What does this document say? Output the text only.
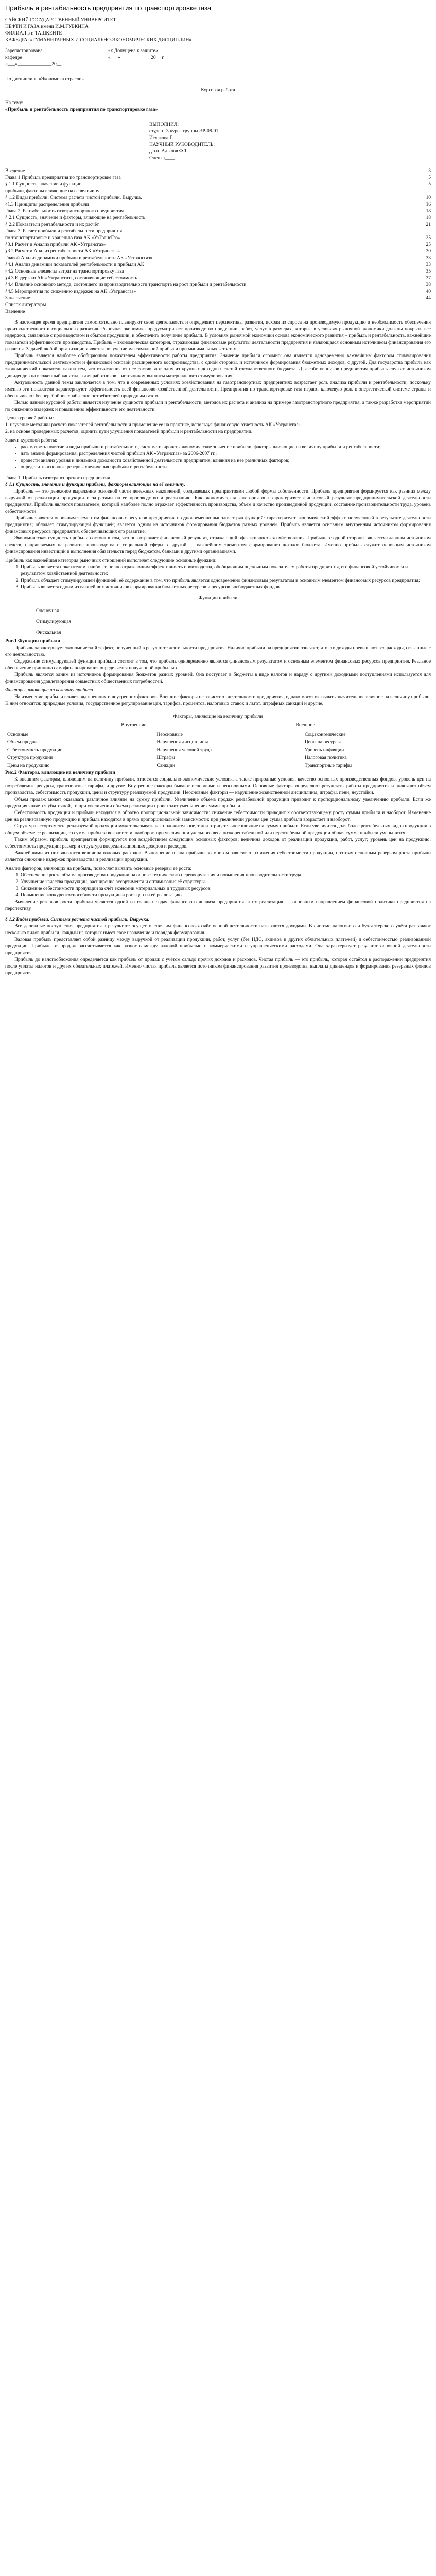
Прибыль и рентабельность предприятия по транспортировке газа

САЙСКИЙ ГОСУДАРСТВЕННЫЙ УНИВЕРСИТЕТ

НЕФТИ И ГАЗА имени И.М.ГУБКИНА

ФИЛИАЛ в г. ТАШКЕНТЕ

КАФЕДРА: «ГУМАНИТАРНЫХ И СОЦИАЛЬНО-ЭКОНОМИЧЕСКИХ ДИСЦИПЛИН»

Зарегистрирована	«к Допущена к защите»
кафедре	«___»____________ 20__ г.

«___»______________20__г.

По дисциплине «Экономика отрасли»

Курсовая работа

На тему:

«Прибыль и рентабельность предприятия по транспортировке газа»

ВЫПОЛНИЛ:

студент 3 курса группы ЭР-08-01

Исхакова Г.

НАУЧНЫЙ РУКОВОДИТЕЛЬ:

д.э.н. Адылов Ф.Т.

Оценка____

Введение	3
Глава 1.Прибыль предприятия по транспортировке газа	5
§ 1.1 Сущность, значение и функции	5
прибыли, факторы влияющие на её величину
§ 1.2 Виды прибыли. Система расчета чистой прибыли. Выручка.	10
§1.3 Принципы распределения прибыли	16
Глава 2. Рентабельность газотранспортного предприятия	18
§ 2.1 Сущность, значение и факторы, влияющие на рентабельность	18
§ 2.2 Показатели рентабельности и их расчёт	21
Глава 3. Расчет прибыли и рентабельности предприятия
по транспортировке и хранению газа АК «УзТрансГаз»	25
§3.1 Расчет и Анализ прибыли АК «Узтрансгаз»	25
§3.2 Расчет и Анализ рентабельности АК «Узтрансгаз»	30
Главой Анализ динамики прибыли и рентабельности АК «Узтрансгаз»	33
§4.1 Анализ динамики показателей рентабельности и прибыли АК	33
§4.2 Основные элементы затрат на транспортировку газа	35
§4.3 Издержки АК «Узтрансгаз», составляющие себестоимость	37
§4.4 Влияние основного метода, состоящего из производительности транспорта на рост прибыли и рентабельности	38
§4.5 Мероприятия по снижению издержек на АК «Узтрансгаз»	40
Заключение	44
Список литературы
Введение

В настоящее время предприятия самостоятельно планируют свою деятельность и определяют перспективы развития, исходя из спроса на производимую продукцию и необходимость обеспечения производственного и социального развития. Рыночная экономика предусматривает производство продукции, работ, услуг в размерах, которые в условиях рыночной экономики должны покрыть все издержки, связанные с производством и сбытом продукции, и обеспечить получение прибыли. В условиях рыночной экономики основа экономического развития – прибыль и рентабельность, важнейшие показатели эффективности производства. Прибыль – экономическая категория, отражающая финансовые результаты деятельности предприятия и являющаяся основным источником финансирования его развития. Задачей любой организации является получение максимальной прибыли при минимальных затратах.

Прибыль является наиболее обобщающим показателем эффективности работы предприятия. Значение прибыли огромно: она является одновременно важнейшим фактором стимулирования предпринимательской деятельности и финансовой основой расширенного воспроизводства, с одной стороны, и источником формирования бюджетных доходов, с другой. Для государства прибыль как экономический показатель важна тем, что отчисления от нее составляют одну из крупных доходных статей государственного бюджета. Для собственников предприятия прибыль служит источником дивидендов на вложенный капитал, а для работников – источником выплаты материального стимулирования.

Актуальность данной темы заключается в том, что в современных условиях хозяйствования на газотранспортных предприятиях возрастает роль анализа прибыли и рентабельности, поскольку именно эти показатели характеризуют эффективность всей финансово-хозяйственной деятельности. Предприятия по транспортировке газа играют ключевую роль в энергетической системе страны и обеспечивают бесперебойное снабжение потребителей природным газом.

Целью данной курсовой работы является изучение сущности прибыли и рентабельности, методов их расчета и анализа на примере газотранспортного предприятия, а также разработка мероприятий по снижению издержек и повышению эффективности его деятельности.

Цели курсовой работы:

1. изучение методики расчета показателей рентабельности и применение ее на практике, используя финансовую отчетность АК «Узтрансгаз»

2. на основе проведенных расчетов, оценить пути улучшения показателей прибыли и рентабельности на предприятии.

Задачи курсовой работы:

• рассмотреть понятие и виды прибыли и рентабельности, систематизировать экономическое значение прибыли, факторы влияющие на величину прибыли и рентабельности;
• дать анализ формирования, распределения чистой прибыли АК «Узтрансгаз» за 2006-2007 гг.;
• провести анализ уровня и динамики доходности хозяйственной деятельности предприятия, влияния на нее различных факторов;
• определить основные резервы увеличения прибыли и рентабельности.

Глава 1. Прибыль газотранспортного предприятия

§ 1.1 Сущность, значение и функции прибыли, факторы влияющие на её величину.

Прибыль — это денежное выражение основной части денежных накоплений, создаваемых предприятиями любой формы собственности. Прибыль предприятия формируется как разница между выручкой от реализации продукции и затратами на ее производство и реализацию. Как экономическая категория она характеризует финансовый результат предпринимательской деятельности предприятия. Прибыль является показателем, который наиболее полно отражает эффективность производства, объем и качество произведенной продукции, состояние производительности труда, уровень себестоимости.

Прибыль является основным элементом финансовых ресурсов предприятия и одновременно выполняет ряд функций: характеризует экономический эффект, полученный в результате деятельности предприятия; обладает стимулирующей функцией; является одним из источников формирования бюджетов разных уровней. Прибыль является основным внутренним источником формирования финансовых ресурсов предприятия, обеспечивающих его развитие.

Экономическая сущность прибыли состоит в том, что она отражает финансовый результат, отражающий эффективность хозяйствования. Прибыль, с одной стороны, является главным источником средств, направляемых на развитие производства и социальной сферы, с другой — важнейшим элементом формирования доходов бюджета. Именно прибыль служит основным источником финансирования инвестиций и выполнения обязательств перед бюджетом, банками и другими организациями.

Прибыль как важнейшая категория рыночных отношений выполняет следующие основные функции:

1. Прибыль является показателем, наиболее полно отражающим эффективность производства, обобщающим оценочным показателем работы предприятия, его финансовой устойчивости и результатом хозяйственной деятельности;
2. Прибыль обладает стимулирующей функцией: её содержание в том, что прибыль является одновременно финансовым результатом и основным элементом финансовых ресурсов предприятия;
3. Прибыль является одним из важнейших источников формирования бюджетных ресурсов и ресурсов внебюджетных фондов.

Функции прибыли

Оценочная

Стимулирующая

Фискальная

Рис.1 Функции прибыли

Прибыль характеризует экономический эффект, полученный в результате деятельности предприятия. Наличие прибыли на предприятии означает, что его доходы превышают все расходы, связанные с его деятельностью.

Содержание стимулирующей функции прибыли состоит в том, что прибыль одновременно является финансовым результатом и основным элементом финансовых ресурсов предприятия. Реальное обеспечение принципа самофинансирования определяется полученной прибылью.

Прибыль является одним из источников формирования бюджетов разных уровней. Она поступает в бюджеты в виде налогов и наряду с другими доходными поступлениями используется для финансирования удовлетворения совместных общественных потребностей.

Факторы, влияющие на величину прибыли

На изменение прибыли влияет ряд внешних и внутренних факторов. Внешние факторы не зависят от деятельности предприятия, однако могут оказывать значительное влияние на величину прибыли. К ним относятся: природные условия, государственное регулирование цен, тарифов, процентов, налоговых ставок и льгот, штрафных санкций и другие.

Факторы, влияющие на величину прибыли

Внутренние	Внешние
Основные	Неосновные	Соц.экономические
Объем продаж	Нарушения дисциплины	Цены на ресурсы
Себестоимость продукции	Нарушения условий труда	Уровень инфляции
Структура продукции	Штрафы	Налоговая политика
Цены на продукцию	Санкции	Транспортные тарифы

Рис.2 Факторы, влияющие на величину прибыли

К внешним факторам, влияющим на величину прибыли, относятся социально-экономические условия, а также природные условия, качество основных производственных фондов, уровень цен на потребляемые ресурсы, транспортные тарифы, и другие. Внутренние факторы бывают основными и неосновными. Основные факторы определяют результаты работы предприятия и включают объем производства, себестоимость продукции, цены и структуру реализуемой продукции. Неосновные факторы — нарушение хозяйственной дисциплины, штрафы, пени, неустойки.

Объем продаж может оказывать различное влияние на сумму прибыли. Увеличение объема продаж рентабельной продукции приводит к пропорциональному увеличению прибыли. Если же продукция является убыточной, то при увеличении объема реализации происходит уменьшение суммы прибыли.

Себестоимость продукции и прибыль находятся в обратно пропорциональной зависимости: снижение себестоимости приводит к соответствующему росту суммы прибыли и наоборот. Изменение цен на реализованную продукцию и прибыль находятся в прямо пропорциональной зависимости: при увеличении уровня цен сумма прибыли возрастает и наоборот.

Структура ассортимента реализуемой продукции может оказывать как положительное, так и отрицательное влияние на сумму прибыли. Если увеличится доля более рентабельных видов продукции в общем объеме ее реализации, то сумма прибыли возрастет, и, наоборот, при увеличении удельного веса низкорентабельной или нерентабельной продукции общая сумма прибыли уменьшится.

Таким образом, прибыль предприятия формируется под воздействием следующих основных факторов: величина доходов от реализации продукции, работ, услуг; уровень цен на продукцию; себестоимость продукции; размер и структура внереализационных доходов и расходов.

Важнейшими из них являются величина валовых расходов. Выполнение плана прибыли во многом зависит от снижения себестоимости продукции, поэтому основным резервом роста прибыли является снижение издержек производства и реализации продукции.

Анализ факторов, влияющих на прибыль, позволяет выявить основные резервы её роста:

1. Обеспечение роста объема производства продукции на основе технического перевооружения и повышения производительности труда.
2. Улучшение качества продукции, расширение ассортимента и оптимизация её структуры.
3. Снижение себестоимости продукции за счёт экономии материальных и трудовых ресурсов.
4. Повышение конкурентоспособности продукции и рост цен на её реализацию.

Выявление резервов роста прибыли является одной из главных задач финансового анализа предприятия, а их реализация — основным направлением финансовой политики предприятия на перспективу.

§ 1.2 Виды прибыли. Система расчета чистой прибыли. Выручка.

Все денежные поступления предприятия в результате осуществления им финансово-хозяйственной деятельности называются доходами. В системе налогового и бухгалтерского учёта различают несколько видов прибыли, каждый из которых имеет свое назначение и порядок формирования.

Валовая прибыль представляет собой разницу между выручкой от реализации продукции, работ, услуг (без НДС, акцизов и других обязательных платежей) и себестоимостью реализованной продукции. Прибыль от продаж рассчитывается как разность между валовой прибылью и коммерческими и управленческими расходами. Она характеризует результат основной деятельности предприятия.

Прибыль до налогообложения определяется как прибыль от продаж с учётом сальдо прочих доходов и расходов. Чистая прибыль — это прибыль, которая остаётся в распоряжении предприятия после уплаты налогов и других обязательных платежей. Именно чистая прибыль является источником финансирования развития производства, выплаты дивидендов и формирования резервных фондов предприятия.
